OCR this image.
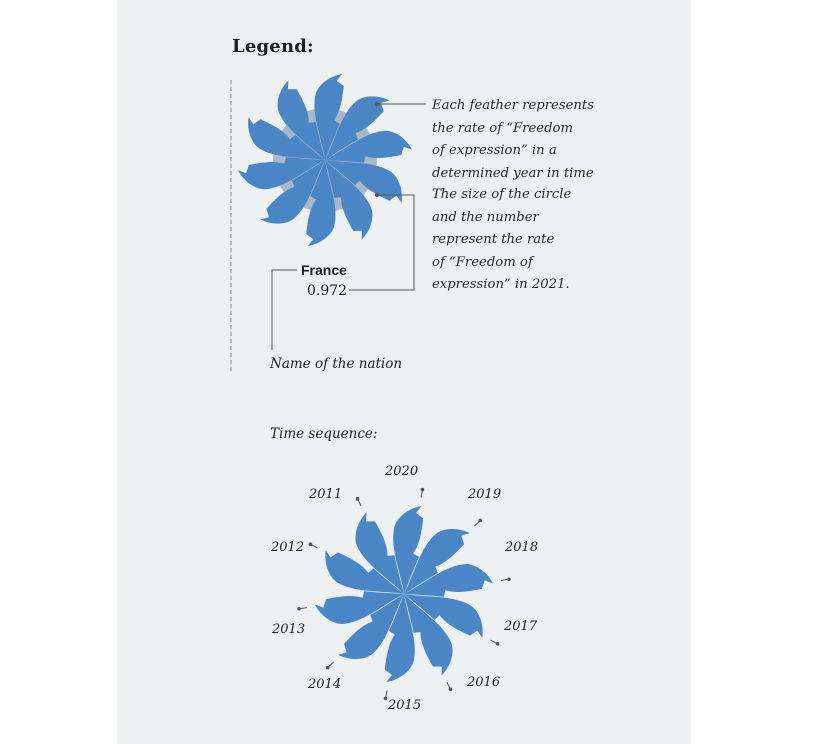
Legend:
Each feather represents
the rate of “Freedom
of expression” in a
determined year in time
The size of the circle
and the number
represent the rate
of “Freedom of
expression” in 2021.
France
0.972
Name of the nation
Time sequence:
2020
2019
2018
2017
2016
2015
2014
2013
2012
2011
